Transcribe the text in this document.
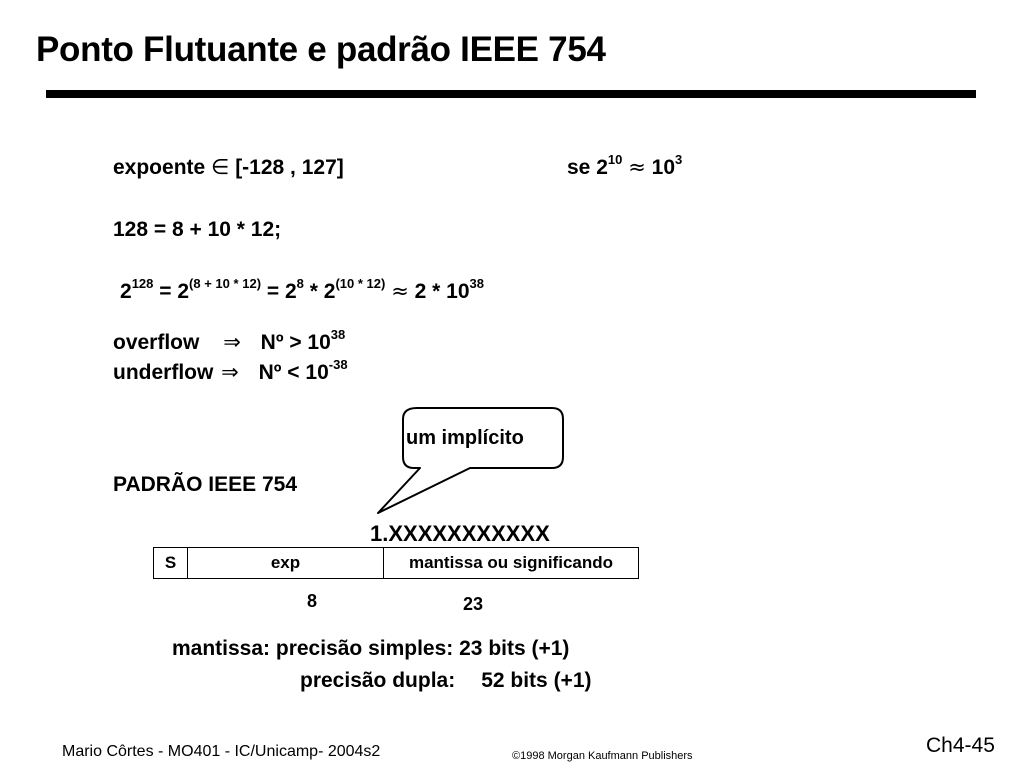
Ponto Flutuante e padrão IEEE 754
expoente ∈ [-128 , 127]	se $2^{10} \approx 10^3$
128 = 8 + 10 * 12;
$2^{128} = 2^{(8 + 10 * 12)} = 2^8 * 2^{(10 * 12)} \approx 2 * 10^{38}$
overflow ⇒ Nº > $10^{38}$
underflow ⇒ Nº < $10^{-38}$
um implícito
PADRÃO IEEE 754
1.XXXXXXXXXXX
S	exp	mantissa ou significando
8	23
mantissa: precisão simples: 23 bits (+1)
precisão dupla: 52 bits (+1)
Mario Côrtes - MO401 - IC/Unicamp- 2004s2	©1998 Morgan Kaufmann Publishers	Ch4-45
